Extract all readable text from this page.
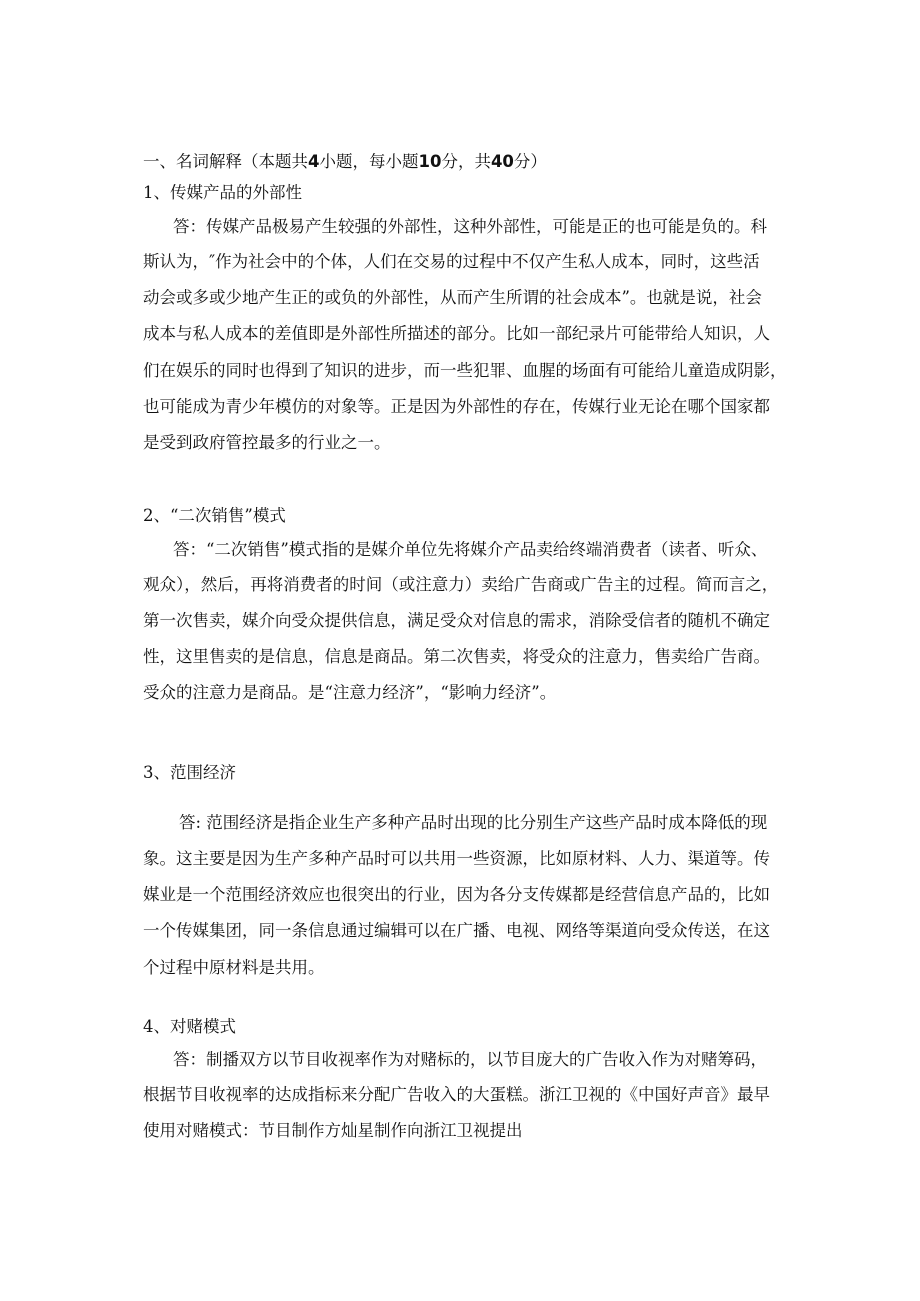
一、名词解释（本题共4小题，每小题10分，共40分）
1、传媒产品的外部性
答：传媒产品极易产生较强的外部性，这种外部性，可能是正的也可能是负的。科
斯认为，″作为社会中的个体，人们在交易的过程中不仅产生私人成本，同时，这些活
动会或多或少地产生正的或负的外部性，从而产生所谓的社会成本”。也就是说，社会
成本与私人成本的差值即是外部性所描述的部分。比如一部纪录片可能带给人知识，人
们在娱乐的同时也得到了知识的进步，而一些犯罪、血腥的场面有可能给儿童造成阴影，
也可能成为青少年模仿的对象等。正是因为外部性的存在，传媒行业无论在哪个国家都
是受到政府管控最多的行业之一。
2、“二次销售”模式
答：“二次销售”模式指的是媒介单位先将媒介产品卖给终端消费者（读者、听众、
观众），然后，再将消费者的时间（或注意力）卖给广告商或广告主的过程。简而言之，
第一次售卖，媒介向受众提供信息，满足受众对信息的需求，消除受信者的随机不确定
性，这里售卖的是信息，信息是商品。第二次售卖，将受众的注意力，售卖给广告商。
受众的注意力是商品。是“注意力经济”，“影响力经济”。
3、范围经济
答: 范围经济是指企业生产多种产品时出现的比分别生产这些产品时成本降低的现
象。这主要是因为生产多种产品时可以共用一些资源，比如原材料、人力、渠道等。传
媒业是一个范围经济效应也很突出的行业，因为各分支传媒都是经营信息产品的，比如
一个传媒集团，同一条信息通过编辑可以在广播、电视、网络等渠道向受众传送，在这
个过程中原材料是共用。
4、对赌模式
答：制播双方以节目收视率作为对赌标的，以节目庞大的广告收入作为对赌筹码，
根据节目收视率的达成指标来分配广告收入的大蛋糕。浙江卫视的《中国好声音》最早
使用对赌模式：节目制作方灿星制作向浙江卫视提出
